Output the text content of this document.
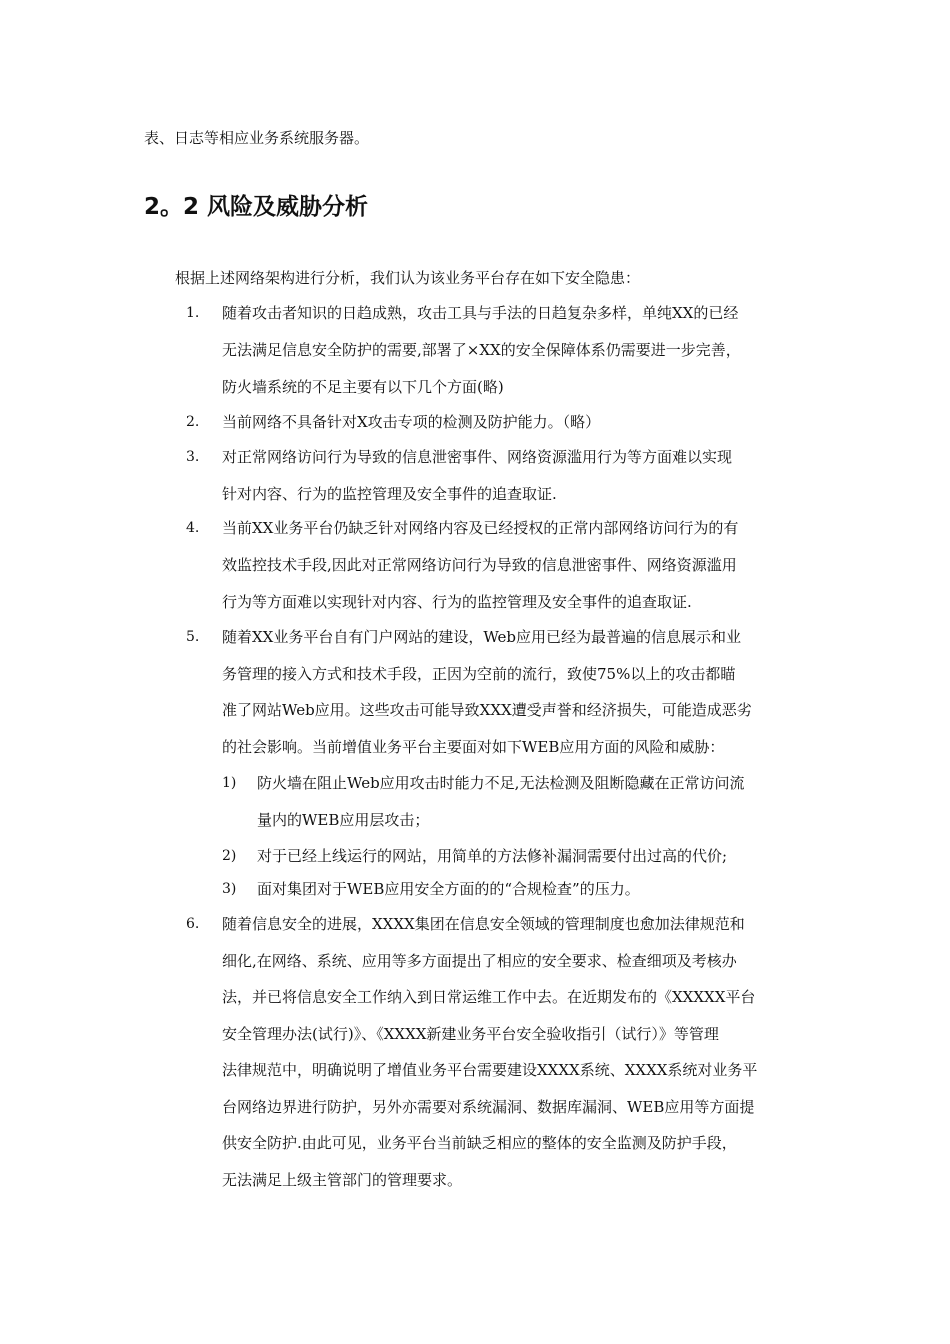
表、日志等相应业务系统服务器。
2。2 风险及威胁分析
根据上述网络架构进行分析，我们认为该业务平台存在如下安全隐患：
1. 随着攻击者知识的日趋成熟，攻击工具与手法的日趋复杂多样，单纯XX的已经
无法满足信息安全防护的需要,部署了×XX的安全保障体系仍需要进一步完善，
防火墙系统的不足主要有以下几个方面(略)
2. 当前网络不具备针对X攻击专项的检测及防护能力。（略）
3. 对正常网络访问行为导致的信息泄密事件、网络资源滥用行为等方面难以实现
针对内容、行为的监控管理及安全事件的追查取证.
4. 当前XX业务平台仍缺乏针对网络内容及已经授权的正常内部网络访问行为的有
效监控技术手段,因此对正常网络访问行为导致的信息泄密事件、网络资源滥用
行为等方面难以实现针对内容、行为的监控管理及安全事件的追查取证.
5. 随着XX业务平台自有门户网站的建设，Web应用已经为最普遍的信息展示和业
务管理的接入方式和技术手段，正因为空前的流行，致使75%以上的攻击都瞄
准了网站Web应用。这些攻击可能导致XXX遭受声誉和经济损失，可能造成恶劣
的社会影响。当前增值业务平台主要面对如下WEB应用方面的风险和威胁：
1) 防火墙在阻止Web应用攻击时能力不足,无法检测及阻断隐藏在正常访问流
量内的WEB应用层攻击；
2) 对于已经上线运行的网站，用简单的方法修补漏洞需要付出过高的代价;
3) 面对集团对于WEB应用安全方面的的“合规检查”的压力。
6. 随着信息安全的进展，XXXX集团在信息安全领域的管理制度也愈加法律规范和
细化,在网络、系统、应用等多方面提出了相应的安全要求、检查细项及考核办
法，并已将信息安全工作纳入到日常运维工作中去。在近期发布的《XXXXX平台
安全管理办法(试行)》、《XXXX新建业务平台安全验收指引（试行）》等管理
法律规范中，明确说明了增值业务平台需要建设XXXX系统、XXXX系统对业务平
台网络边界进行防护，另外亦需要对系统漏洞、数据库漏洞、WEB应用等方面提
供安全防护.由此可见，业务平台当前缺乏相应的整体的安全监测及防护手段，
无法满足上级主管部门的管理要求。
